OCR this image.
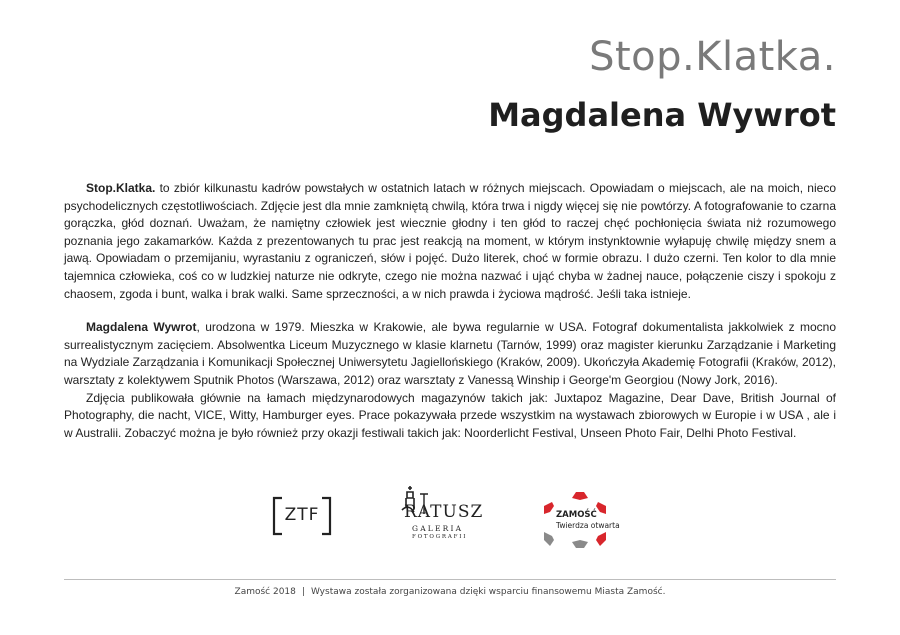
Stop.Klatka.
Magdalena Wywrot

Stop.Klatka. to zbiór kilkunastu kadrów powstałych w ostatnich latach w różnych miejscach. Opowiadam o miejscach, ale na moich, nieco psychodelicznych częstotliwościach. Zdjęcie jest dla mnie zamkniętą chwilą, która trwa i nigdy więcej się nie powtórzy. A fotografowanie to czarna gorączka, głód doznań. Uważam, że namiętny człowiek jest wiecznie głodny i ten głód to raczej chęć pochłonięcia świata niż rozumowego poznania jego zakamarków. Każda z prezentowanych tu prac jest reakcją na moment, w którym instynktownie wyłapuję chwilę między snem a jawą. Opowiadam o przemijaniu, wyrastaniu z ograniczeń, słów i pojęć. Dużo literek, choć w formie obrazu. I dużo czerni. Ten kolor to dla mnie tajemnica człowieka, coś co w ludzkiej naturze nie odkryte, czego nie można nazwać i ująć chyba w żadnej nauce, połączenie ciszy i spokoju z chaosem, zgoda i bunt, walka i brak walki. Same sprzeczności, a w nich prawda i życiowa mądrość. Jeśli taka istnieje.

Magdalena Wywrot, urodzona w 1979. Mieszka w Krakowie, ale bywa regularnie w USA. Fotograf dokumentalista jakkolwiek z mocno surrealistycznym zacięciem. Absolwentka Liceum Muzycznego w klasie klarnetu (Tarnów, 1999) oraz magister kierunku Zarządzanie i Marketing na Wydziale Zarządzania i Komunikacji Społecznej Uniwersytetu Jagiellońskiego (Kraków, 2009). Ukończyła Akademię Fotografii (Kraków, 2012), warsztaty z kolektywem Sputnik Photos (Warszawa, 2012) oraz warsztaty z Vanessą Winship i George'm Georgiou (Nowy Jork, 2016).

Zdjęcia publikowała głównie na łamach międzynarodowych magazynów takich jak: Juxtapoz Magazine, Dear Dave, British Journal of Photography, die nacht, VICE, Witty, Hamburger eyes. Prace pokazywała przede wszystkim na wystawach zbiorowych w Europie i w USA , ale i w Australii. Zobaczyć można je było również przy okazji festiwali takich jak: Noorderlicht Festival, Unseen Photo Fair, Delhi Photo Festival.

ZTF	RATUSZ
GALERIA
FOTOGRAFII
ZAMOŚĆ
Twierdza otwarta
Zamość 2018 | Wystawa została zorganizowana dzięki wsparciu finansowemu Miasta Zamość.
